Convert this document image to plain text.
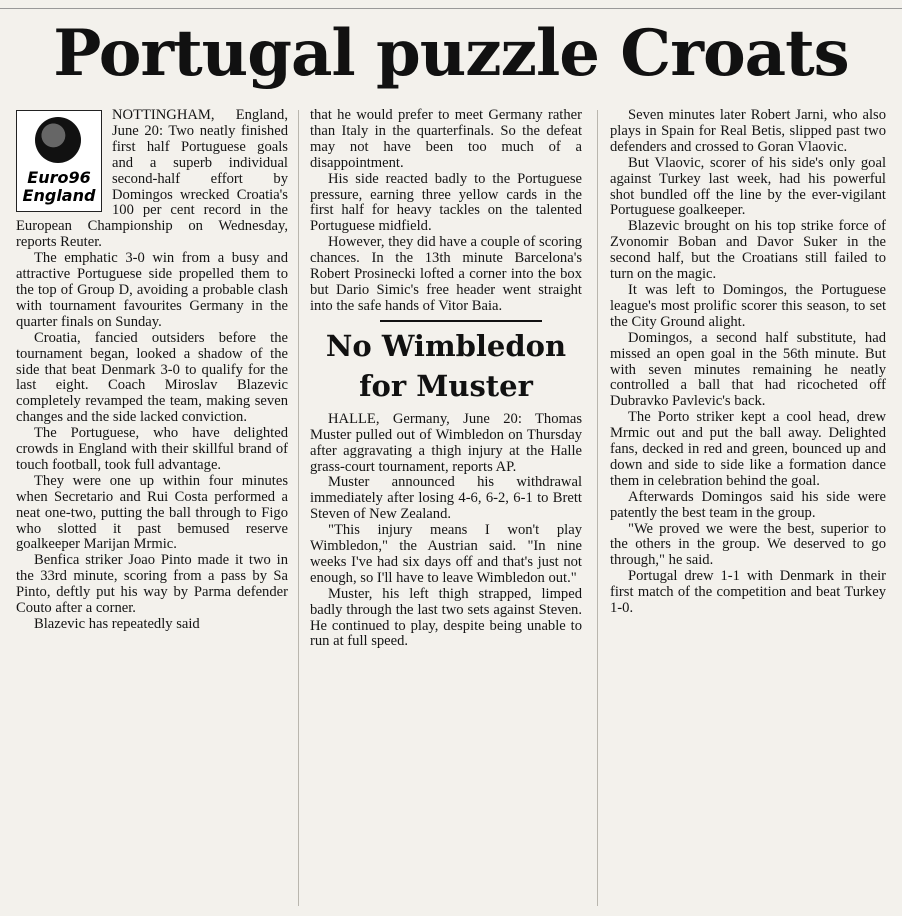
Portugal puzzle Croats
Euro96 England

NOTTINGHAM, England, June 20: Two neatly finished first half Portuguese goals and a superb individual second-half effort by Domingos wrecked Croatia's 100 per cent record in the European Championship on Wednesday, reports Reuter.

The emphatic 3-0 win from a busy and attractive Portuguese side propelled them to the top of Group D, avoiding a probable clash with tournament favourites Germany in the quarter finals on Sunday.

Croatia, fancied outsiders before the tournament began, looked a shadow of the side that beat Denmark 3-0 to qualify for the last eight. Coach Miroslav Blazevic completely revamped the team, making seven changes and the side lacked conviction.

The Portuguese, who have delighted crowds in England with their skillful brand of touch football, took full advantage.

They were one up within four minutes when Secretario and Rui Costa performed a neat one-two, putting the ball through to Figo who slotted it past bemused reserve goalkeeper Marijan Mrmic.

Benfica striker Joao Pinto made it two in the 33rd minute, scoring from a pass by Sa Pinto, deftly put his way by Parma defender Couto after a corner.

Blazevic has repeatedly said

that he would prefer to meet Germany rather than Italy in the quarterfinals. So the defeat may not have been too much of a disappointment.

His side reacted badly to the Portuguese pressure, earning three yellow cards in the first half for heavy tackles on the talented Portuguese midfield.

However, they did have a couple of scoring chances. In the 13th minute Barcelona's Robert Prosinecki lofted a corner into the box but Dario Simic's free header went straight into the safe hands of Vitor Baia.

No Wimbledon for Muster

HALLE, Germany, June 20: Thomas Muster pulled out of Wimbledon on Thursday after aggravating a thigh injury at the Halle grass-court tournament, reports AP.

Muster announced his withdrawal immediately after losing 4-6, 6-2, 6-1 to Brett Steven of New Zealand.

"This injury means I won't play Wimbledon," the Austrian said. "In nine weeks I've had six days off and that's just not enough, so I'll have to leave Wimbledon out."

Muster, his left thigh strapped, limped badly through the last two sets against Steven. He continued to play, despite being unable to run at full speed.

Seven minutes later Robert Jarni, who also plays in Spain for Real Betis, slipped past two defenders and crossed to Goran Vlaovic.

But Vlaovic, scorer of his side's only goal against Turkey last week, had his powerful shot bundled off the line by the ever-vigilant Portuguese goalkeeper.

Blazevic brought on his top strike force of Zvonomir Boban and Davor Suker in the second half, but the Croatians still failed to turn on the magic.

It was left to Domingos, the Portuguese league's most prolific scorer this season, to set the City Ground alight.

Domingos, a second half substitute, had missed an open goal in the 56th minute. But with seven minutes remaining he neatly controlled a ball that had ricocheted off Dubravko Pavlevic's back.

The Porto striker kept a cool head, drew Mrmic out and put the ball away. Delighted fans, decked in red and green, bounced up and down and side to side like a formation dance them in celebration behind the goal.

Afterwards Domingos said his side were patently the best team in the group.

"We proved we were the best, superior to the others in the group. We deserved to go through," he said.

Portugal drew 1-1 with Denmark in their first match of the competition and beat Turkey 1-0.
